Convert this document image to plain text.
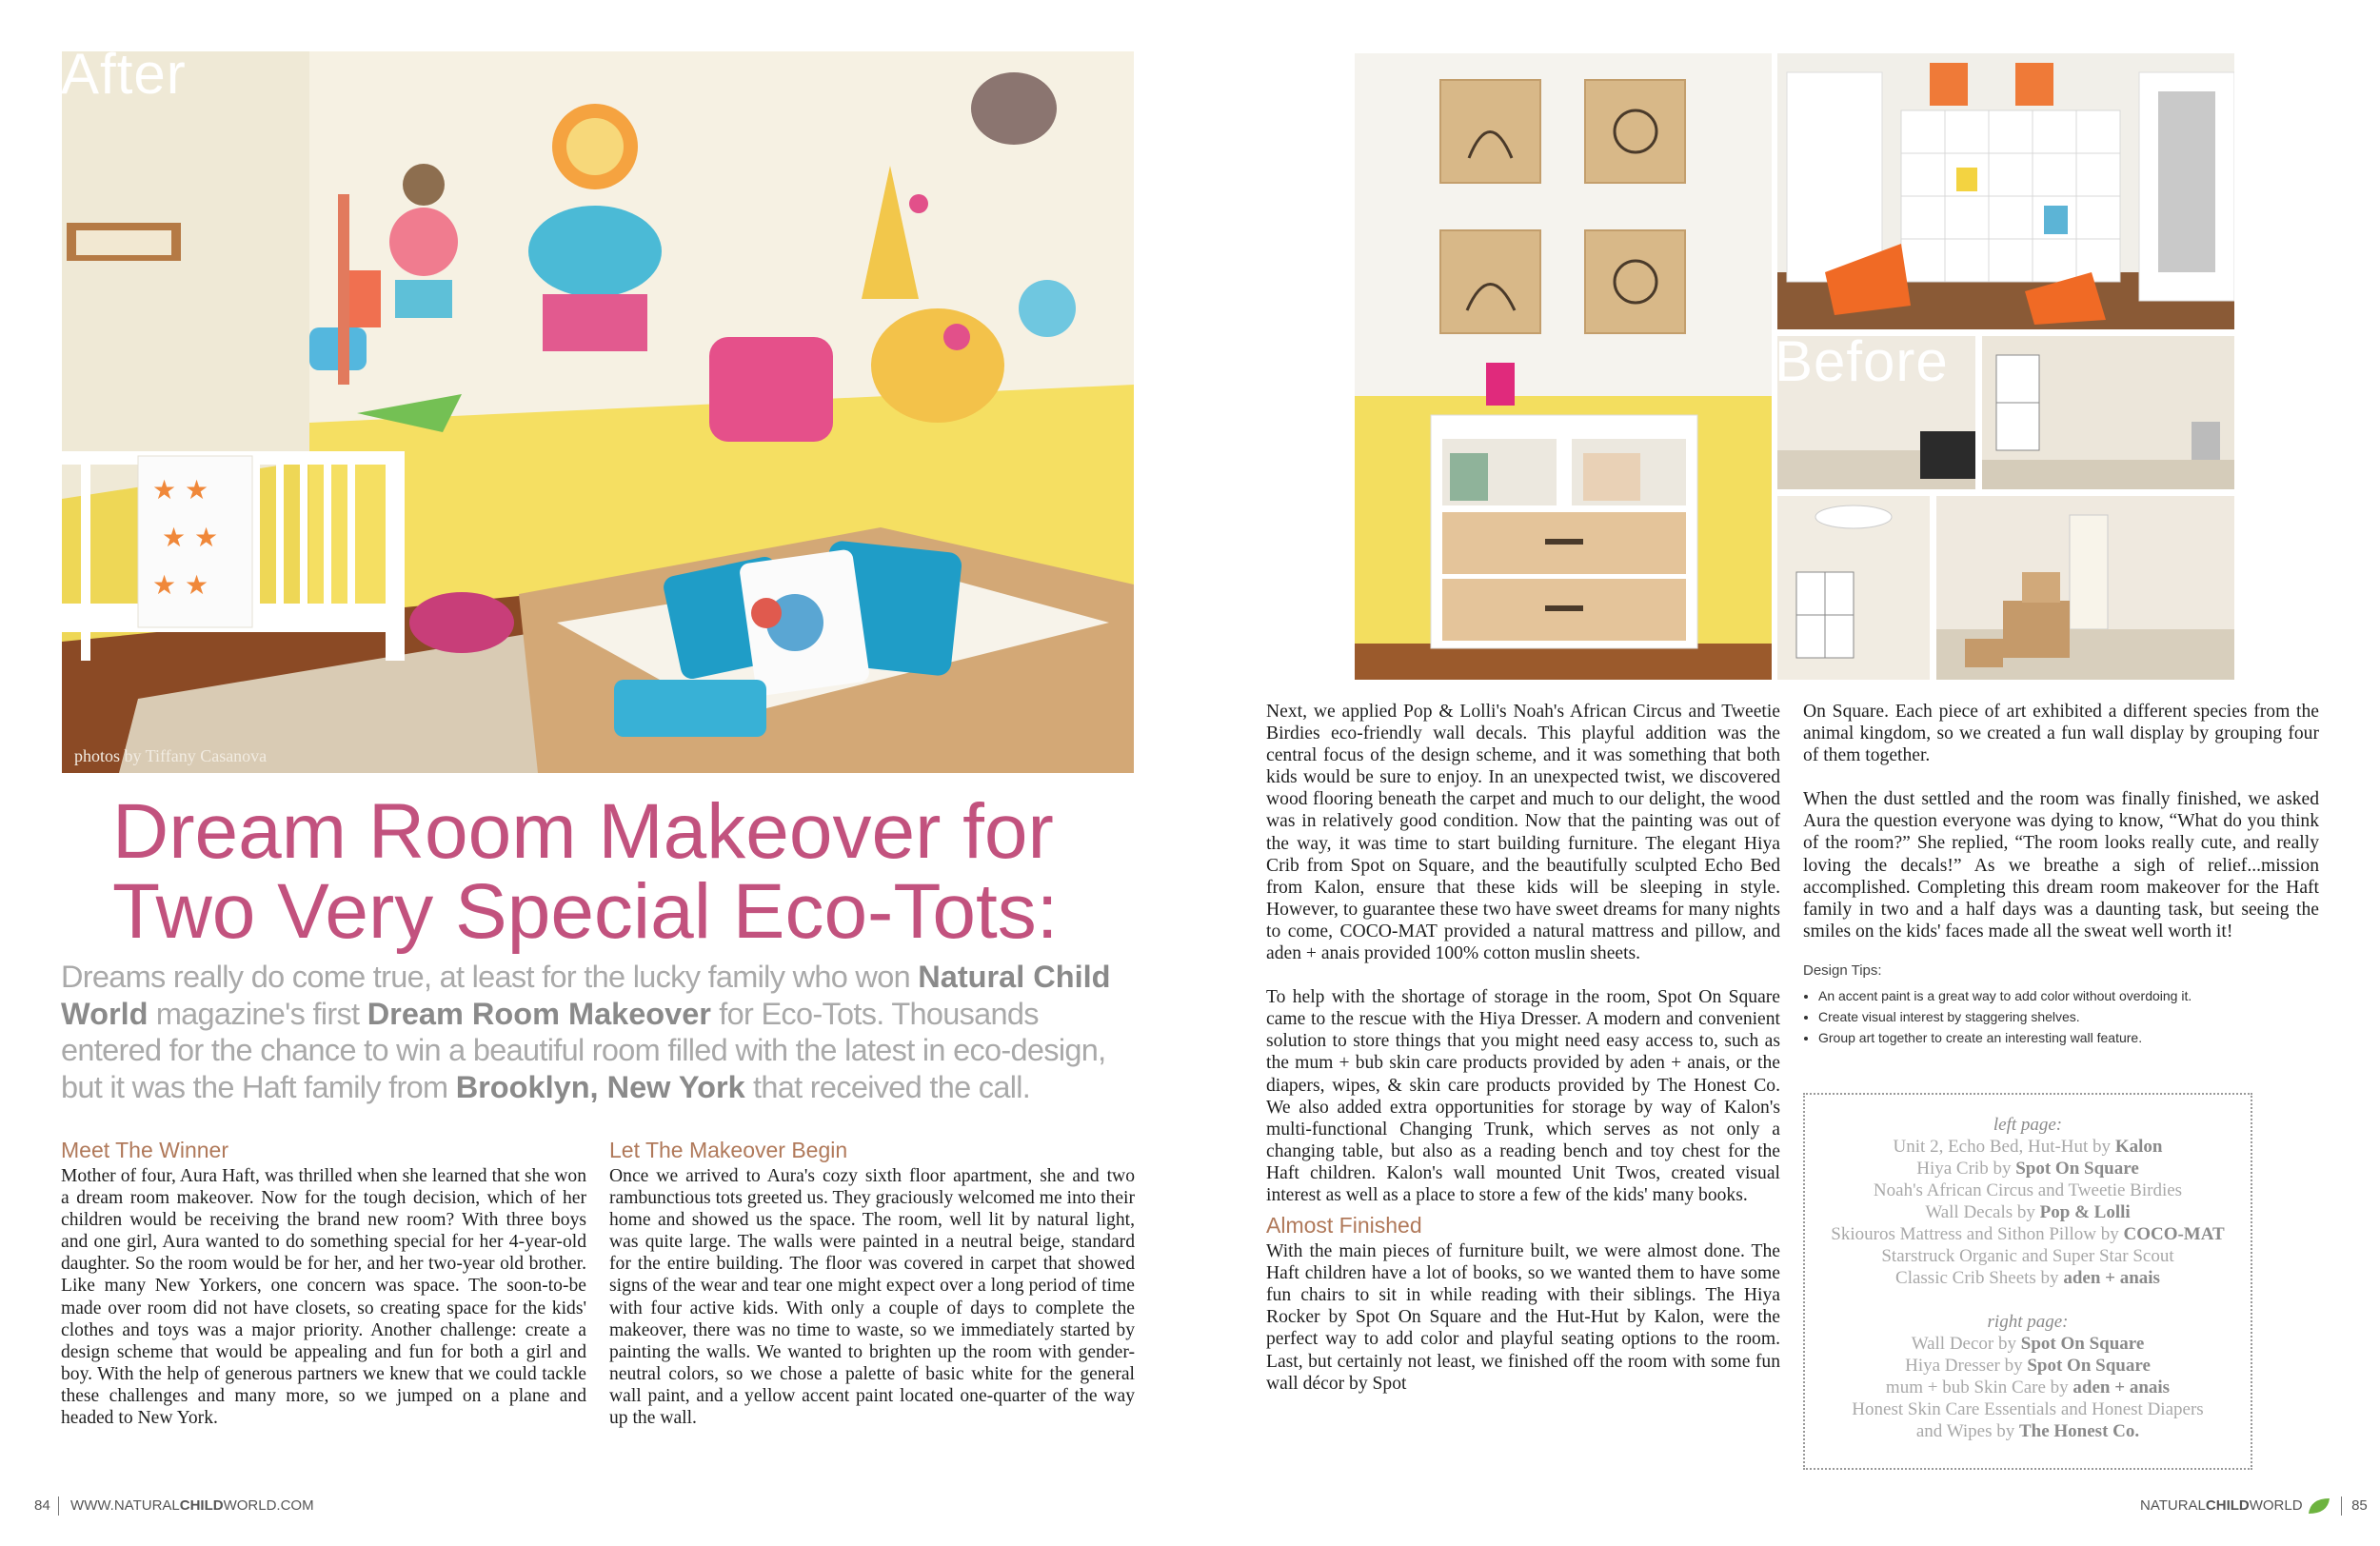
★ ★
★ ★
★ ★
After
photos by Tiffany Casanova
Dream Room Makeover for
Two Very Special Eco-Tots:
Dreams really do come true, at least for the lucky family who won Natural Child World magazine's first Dream Room Makeover for Eco-Tots. Thousands entered for the chance to win a beautiful room filled with the latest in eco-design, but it was the Haft family from Brooklyn, New York that received the call.
Meet The Winner

Mother of four, Aura Haft, was thrilled when she learned that she won a dream room makeover. Now for the tough decision, which of her children would be receiving the brand new room? With three boys and one girl, Aura wanted to do something special for her 4-year-old daughter. So the room would be for her, and her two-year old brother. Like many New Yorkers, one concern was space. The soon-to-be made over room did not have closets, so creating space for the kids' clothes and toys was a major priority. Another challenge: create a design scheme that would be appealing and fun for both a girl and boy. With the help of generous partners we knew that we could tackle these challenges and many more, so we jumped on a plane and headed to New York.

Let The Makeover Begin

Once we arrived to Aura's cozy sixth floor apartment, she and two rambunctious tots greeted us. They graciously welcomed me into their home and showed us the space. The room, well lit by natural light, was quite large. The walls were painted in a neutral beige, standard for the entire building. The floor was covered in carpet that showed signs of the wear and tear one might expect over a long period of time with four active kids. With only a couple of days to complete the makeover, there was no time to waste, so we immediately started by painting the walls. We wanted to brighten up the room with gender-neutral colors, so we chose a palette of basic white for the general wall paint, and a yellow accent paint located one-quarter of the way up the wall.

Before

Next, we applied Pop & Lolli's Noah's African Circus and Tweetie Birdies eco-friendly wall decals. This playful addition was the central focus of the design scheme, and it was something that both kids would be sure to enjoy. In an unexpected twist, we discovered wood flooring beneath the carpet and much to our delight, the wood was in relatively good condition. Now that the painting was out of the way, it was time to start building furniture. The elegant Hiya Crib from Spot on Square, and the beautifully sculpted Echo Bed from Kalon, ensure that these kids will be sleeping in style. However, to guarantee these two have sweet dreams for many nights to come, COCO-MAT provided a natural mattress and pillow, and aden + anais provided 100% cotton muslin sheets.

To help with the shortage of storage in the room, Spot On Square came to the rescue with the Hiya Dresser. A modern and convenient solution to store things that you might need easy access to, such as the mum + bub skin care products provided by aden + anais, or the diapers, wipes, & skin care products provided by The Honest Co. We also added extra opportunities for storage by way of Kalon's multi-functional Changing Trunk, which serves as not only a changing table, but also as a reading bench and toy chest for the Haft children. Kalon's wall mounted Unit Twos, created visual interest as well as a place to store a few of the kids' many books.

Almost Finished

With the main pieces of furniture built, we were almost done. The Haft children have a lot of books, so we wanted them to have some fun chairs to sit in while reading with their siblings. The Hiya Rocker by Spot On Square and the Hut-Hut by Kalon, were the perfect way to add color and playful seating options to the room. Last, but certainly not least, we finished off the room with some fun wall décor by Spot

On Square. Each piece of art exhibited a different species from the animal kingdom, so we created a fun wall display by grouping four of them together.

When the dust settled and the room was finally finished, we asked Aura the question everyone was dying to know, “What do you think of the room?” She replied, “The room looks really cute, and really loving the decals!” As we breathe a sigh of relief...mission accomplished. Completing this dream room makeover for the Haft family in two and a half days was a daunting task, but seeing the smiles on the kids' faces made all the sweat well worth it!

Design Tips:
• An accent paint is a great way to add color without overdoing it.
• Create visual interest by staggering shelves.
• Group art together to create an interesting wall feature.
left page:
Unit 2, Echo Bed, Hut-Hut by Kalon
Hiya Crib by Spot On Square
Noah's African Circus and Tweetie Birdies
Wall Decals by Pop & Lolli
Skiouros Mattress and Sithon Pillow by COCO-MAT
Starstruck Organic and Super Star Scout
Classic Crib Sheets by aden + anais
right page:
Wall Decor by Spot On Square
Hiya Dresser by Spot On Square
mum + bub Skin Care by aden + anais
Honest Skin Care Essentials and Honest Diapers
and Wipes by The Honest Co.
84 WWW.NATURALCHILDWORLD.COM	NATURALCHILDWORLD	85
